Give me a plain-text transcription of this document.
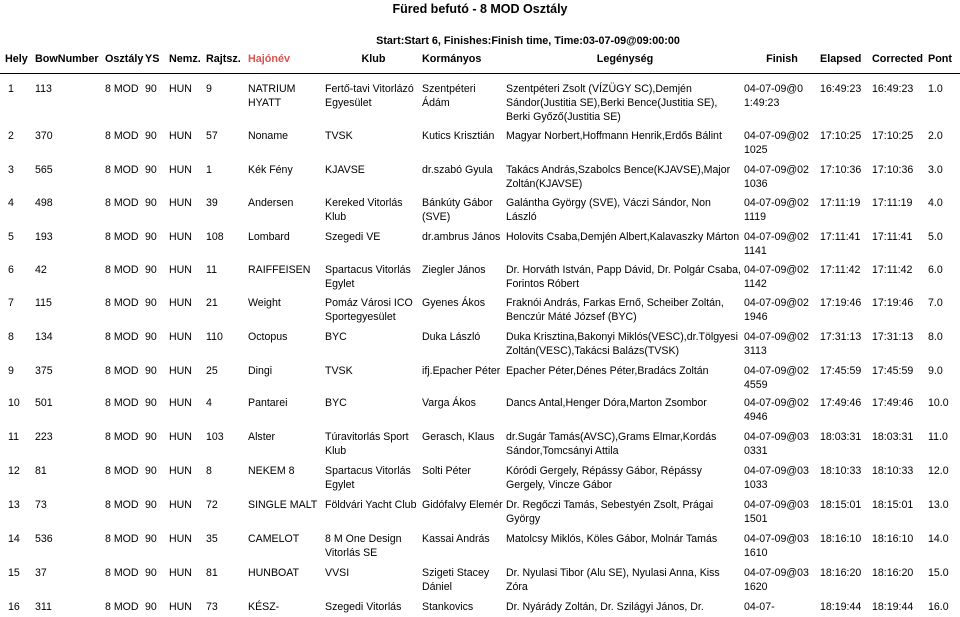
Füred befutó - 8 MOD Osztály
Start:Start 6, Finishes:Finish time, Time:03-07-09@09:00:00
Hely	BowNumber	Osztály	YS	Nemz.	Rajtsz.	Hajónév	Klub	Kormányos	Legénység	Finish	Elapsed	Corrected	Pont

1	113	8 MOD	90	HUN	9	NATRIUM HYATT	Fertő-tavi Vitorlázó Egyesület	Szentpéteri Ádám	Szentpéteri Zsolt (VÍZÜGY SC),Demjén Sándor(Justitia SE),Berki Bence(Justitia SE), Berki Győző(Justitia SE)	04-07-09@01:49:23	16:49:23	16:49:23	1.0
2	370	8 MOD	90	HUN	57	Noname	TVSK	Kutics Krisztián	Magyar Norbert,Hoffmann Henrik,Erdős Bálint	04-07-09@021025	17:10:25	17:10:25	2.0
3	565	8 MOD	90	HUN	1	Kék Fény	KJAVSE	dr.szabó Gyula	Takács András,Szabolcs Bence(KJAVSE),Major Zoltán(KJAVSE)	04-07-09@021036	17:10:36	17:10:36	3.0
4	498	8 MOD	90	HUN	39	Andersen	Kereked Vitorlás Klub	Bánkúty Gábor (SVE)	Galántha György (SVE), Váczi Sándor, Non László	04-07-09@021119	17:11:19	17:11:19	4.0
5	193	8 MOD	90	HUN	108	Lombard	Szegedi VE	dr.ambrus János	Holovits Csaba,Demjén Albert,Kalavaszky Márton	04-07-09@021141	17:11:41	17:11:41	5.0
6	42	8 MOD	90	HUN	11	RAIFFEISEN	Spartacus Vitorlás Egylet	Ziegler János	Dr. Horváth István, Papp Dávid, Dr. Polgár Csaba, Forintos Róbert	04-07-09@021142	17:11:42	17:11:42	6.0
7	115	8 MOD	90	HUN	21	Weight	Pomáz Városi ICO Sportegyesület	Gyenes Ákos	Fraknói András, Farkas Ernő, Scheiber Zoltán, Benczúr Máté József (BYC)	04-07-09@021946	17:19:46	17:19:46	7.0
8	134	8 MOD	90	HUN	110	Octopus	BYC	Duka László	Duka Krisztina,Bakonyi Miklós(VESC),dr.Tölgyesi Zoltán(VESC),Takácsi Balázs(TVSK)	04-07-09@023113	17:31:13	17:31:13	8.0
9	375	8 MOD	90	HUN	25	Dingi	TVSK	ifj.Epacher Péter	Epacher Péter,Dénes Péter,Bradács Zoltán	04-07-09@024559	17:45:59	17:45:59	9.0
10	501	8 MOD	90	HUN	4	Pantarei	BYC	Varga Ákos	Dancs Antal,Henger Dóra,Marton Zsombor	04-07-09@024946	17:49:46	17:49:46	10.0
11	223	8 MOD	90	HUN	103	Alster	Túravitorlás Sport Klub	Gerasch, Klaus	dr.Sugár Tamás(AVSC),Grams Elmar,Kordás Sándor,Tomcsányi Attila	04-07-09@030331	18:03:31	18:03:31	11.0
12	81	8 MOD	90	HUN	8	NEKEM 8	Spartacus Vitorlás Egylet	Solti Péter	Kóródi Gergely, Répássy Gábor, Répássy Gergely, Vincze Gábor	04-07-09@031033	18:10:33	18:10:33	12.0
13	73	8 MOD	90	HUN	72	SINGLE MALT	Földvári Yacht Club	Gidófalvy Elemér	Dr. Regőczi Tamás, Sebestyén Zsolt, Prágai György	04-07-09@031501	18:15:01	18:15:01	13.0
14	536	8 MOD	90	HUN	35	CAMELOT	8 M One Design Vitorlás SE	Kassai András	Matolcsy Miklós, Köles Gábor, Molnár Tamás	04-07-09@031610	18:16:10	18:16:10	14.0
15	37	8 MOD	90	HUN	81	HUNBOAT	VVSI	Szigeti Stacey Dániel	Dr. Nyulasi Tibor (Alu SE), Nyulasi Anna, Kiss Zóra	04-07-09@031620	18:16:20	18:16:20	15.0
16	311	8 MOD	90	HUN	73	KÉSZ-	Szegedi Vitorlás	Stankovics	Dr. Nyárády Zoltán, Dr. Szilágyi János, Dr.	04-07-	18:19:44	18:19:44	16.0
